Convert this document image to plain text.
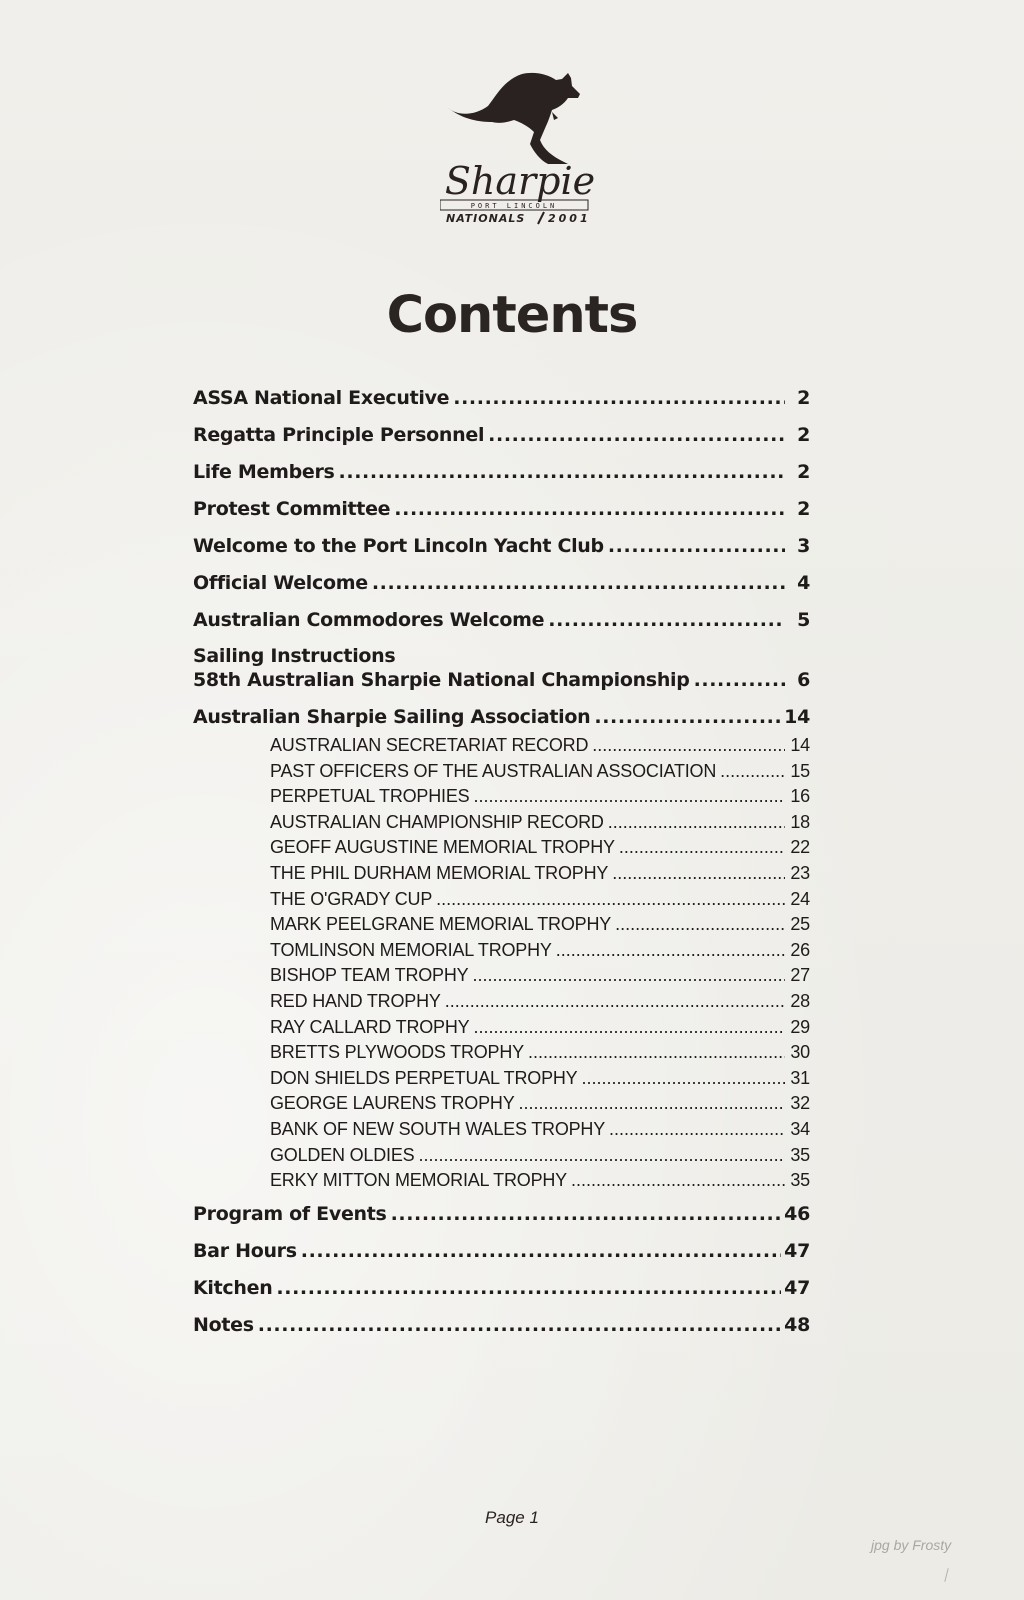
Sharpie
PORT LINCOLN
NATIONALS 2001
Contents
ASSA National Executive . . .	2
Regatta Principle Personnel . . .	2
Life Members . . .	2
Protest Committee . . .	2
Welcome to the Port Lincoln Yacht Club . . .	3
Official Welcome . . .	4
Australian Commodores Welcome . . .	5
Sailing Instructions
58th Australian Sharpie National Championship . . .	6
Australian Sharpie Sailing Association . . .	14
AUSTRALIAN SECRETARIAT RECORD . . .	14
PAST OFFICERS OF THE AUSTRALIAN ASSOCIATION . . .	15
PERPETUAL TROPHIES . . .	16
AUSTRALIAN CHAMPIONSHIP RECORD . . .	18
GEOFF AUGUSTINE MEMORIAL TROPHY . . .	22
THE PHIL DURHAM MEMORIAL TROPHY . . .	23
THE O'GRADY CUP . . .	24
MARK PEELGRANE MEMORIAL TROPHY . . .	25
TOMLINSON MEMORIAL TROPHY . . .	26
BISHOP TEAM TROPHY . . .	27
RED HAND TROPHY . . .	28
RAY CALLARD TROPHY . . .	29
BRETTS PLYWOODS TROPHY . . .	30
DON SHIELDS PERPETUAL TROPHY . . .	31
GEORGE LAURENS TROPHY . . .	32
BANK OF NEW SOUTH WALES TROPHY . . .	34
GOLDEN OLDIES . . .	35
ERKY MITTON MEMORIAL TROPHY . . .	35
Program of Events . . .	46
Bar Hours . . .	47
Kitchen . . .	47
Notes . . .	48
Page 1
jpg by Frosty
